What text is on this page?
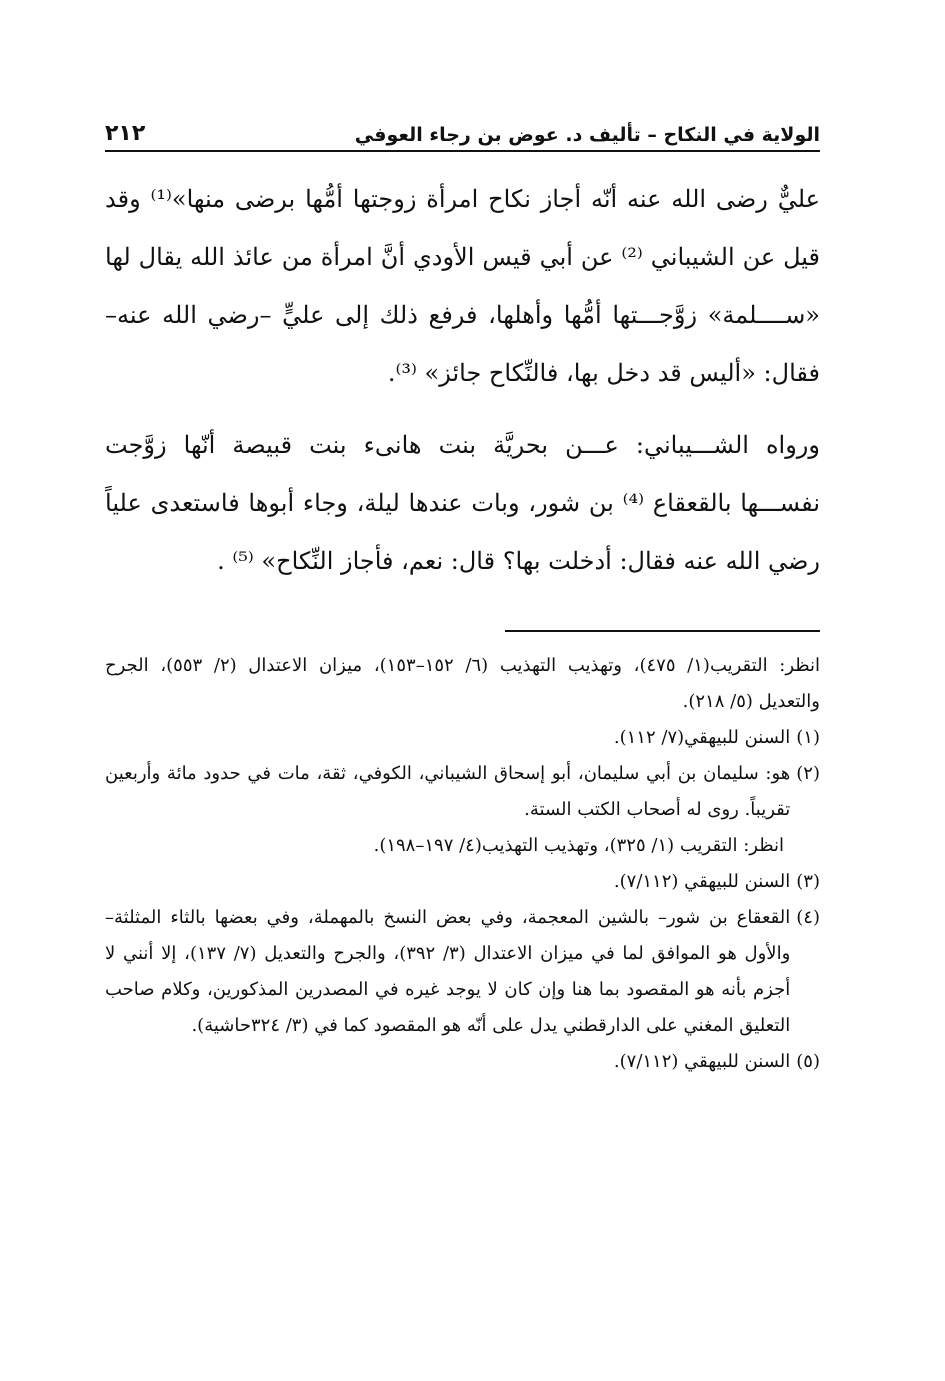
الولاية في النكاح – تأليف د. عوض بن رجاء العوفي
٢١٢

عليٌّ رضى الله عنه أنّه أجاز نكاح امرأة زوجتها أمُّها برضى منها»⁽¹⁾ وقد قيل عن الشيباني ⁽²⁾ عن أبي قيس الأودي أنَّ امرأة من عائذ الله يقال لها «ســــلمة» زوَّجـــتها أمُّها وأهلها، فرفع ذلك إلى عليٍّ –رضي الله عنه– فقال: «أليس قد دخل بها، فالنِّكاح جائز» ⁽³⁾.

ورواه الشـــيباني: عـــن بحريَّة بنت هانىء بنت قبيصة أنّها زوَّجت نفســـها بالقعقاع ⁽⁴⁾ بن شور، وبات عندها ليلة، وجاء أبوها فاستعدى علياً رضي الله عنه فقال: أدخلت بها؟ قال: نعم، فأجاز النِّكاح» ⁽⁵⁾ .

انظر: التقريب(١/ ٤٧٥)، وتهذيب التهذيب (٦/ ١٥٢–١٥٣)، ميزان الاعتدال (٢/ ٥٥٣)، الجرح والتعديل (٥/ ٢١٨).

(١)
السنن للبيهقي(٧/ ١١٢).
(٢)
هو: سليمان بن أبي سليمان، أبو إسحاق الشيباني، الكوفي، ثقة، مات في حدود مائة وأربعين تقريباً. روى له أصحاب الكتب الستة.
انظر: التقريب (١/ ٣٢٥)، وتهذيب التهذيب(٤/ ١٩٧–١٩٨).
(٣)
السنن للبيهقي (٧/١١٢).
(٤)
القعقاع بن شور– بالشين المعجمة، وفي بعض النسخ بالمهملة، وفي بعضها بالثاء المثلثة– والأول هو الموافق لما في ميزان الاعتدال (٣/ ٣٩٢)، والجرح والتعديل (٧/ ١٣٧)، إلا أنني لا أجزم بأنه هو المقصود بما هنا وإن كان لا يوجد غيره في المصدرين المذكورين، وكلام صاحب التعليق المغني على الدارقطني يدل على أنّه هو المقصود كما في (٣/ ٣٢٤حاشية).
(٥)
السنن للبيهقي (٧/١١٢).
